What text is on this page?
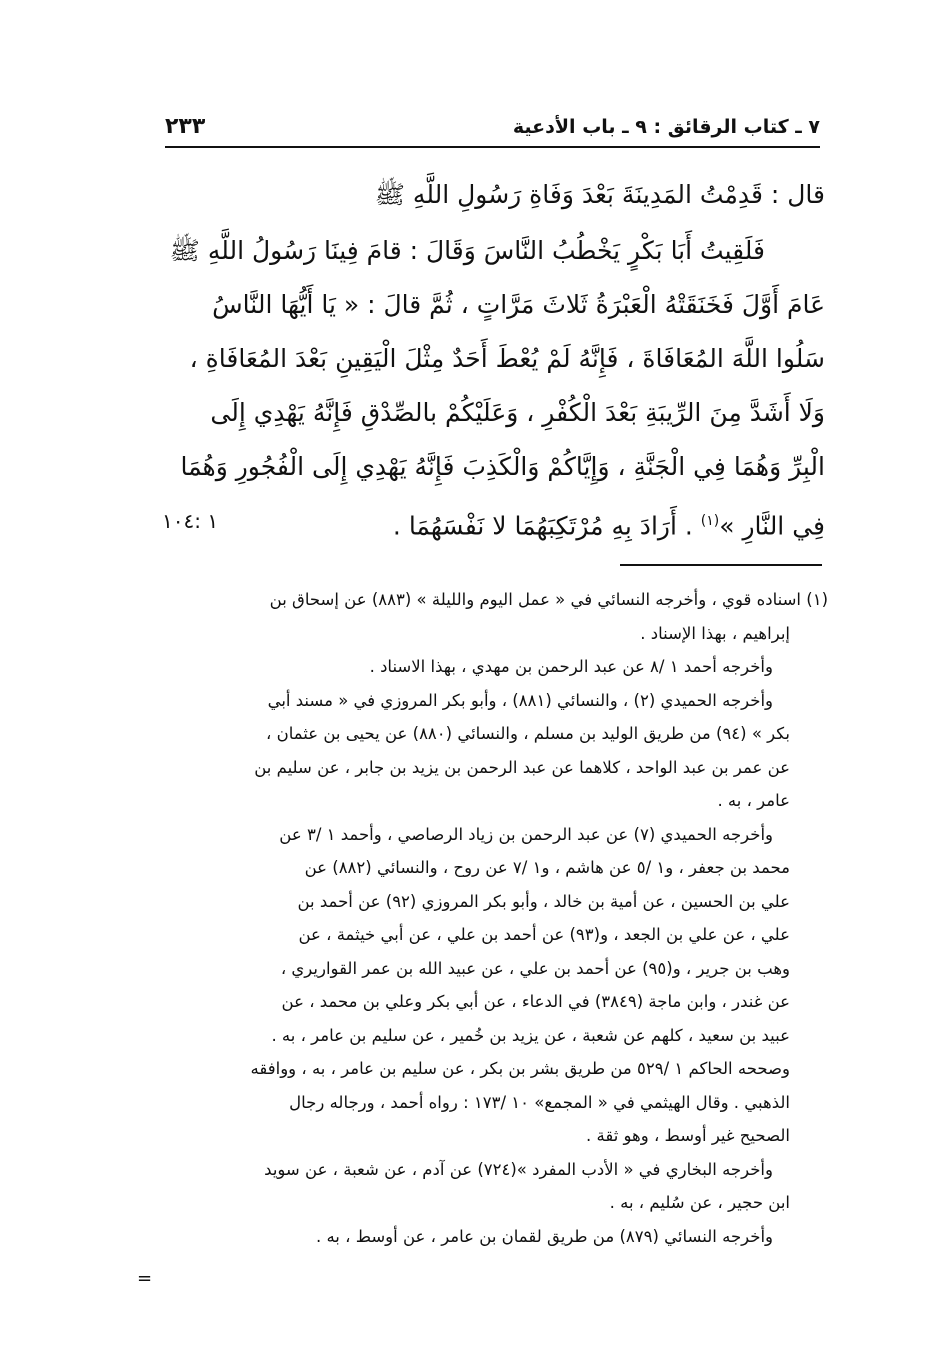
٧ ـ كتاب الرقائق : ٩ ـ باب الأدعية
٢٣٣
قال : قَدِمْتُ المَدِينَةَ بَعْدَ وَفَاةِ رَسُولِ اللَّهِ ﷺ
فَلَقِيتُ أَبَا بَكْرٍ يَخْطُبُ النَّاسَ وَقَالَ : قامَ فِينَا رَسُولُ اللَّهِ ﷺ
عَامَ أَوَّلَ فَخَنَقَتْهُ الْعَبْرَةُ ثَلاثَ مَرَّاتٍ ، ثُمَّ قالَ : « يَا أَيُّهَا النَّاسُ
سَلُوا اللَّهَ المُعَافَاةَ ، فَإِنَّهُ لَمْ يُعْطَ أَحَدٌ مِثْلَ الْيَقِينِ بَعْدَ المُعَافَاةِ ،
وَلَا أَشَدَّ مِنَ الرِّيبَةِ بَعْدَ الْكُفْرِ ، وَعَلَيْكُمْ بالصِّدْقِ فَإِنَّهُ يَهْدِي إِلَى
الْبِرِّ وَهُمَا فِي الْجَنَّةِ ، وَإِيَّاكُمْ وَالْكَذِبَ فَإِنَّهُ يَهْدِي إِلَى الْفُجُورِ وَهُمَا
فِي النَّارِ »$^{(١)}$ . أَرَادَ بِهِ مُرْتَكِبَهُمَا لا نَفْسَهُمَا .
١ :١٠٤
(١) اسناده قوي ، وأخرجه النسائي في « عمل اليوم والليلة » (٨٨٣) عن إسحاق بن
إبراهيم ، بهذا الإسناد .
وأخرجه أحمد ١ /٨ عن عبد الرحمن بن مهدي ، بهذا الاسناد .
وأخرجه الحميدي (٢) ، والنسائي (٨٨١) ، وأبو بكر المروزي في « مسند أبي
بكر » (٩٤) من طريق الوليد بن مسلم ، والنسائي (٨٨٠) عن يحيى بن عثمان ،
عن عمر بن عبد الواحد ، كلاهما عن عبد الرحمن بن يزيد بن جابر ، عن سليم بن
عامر ، به .
وأخرجه الحميدي (٧) عن عبد الرحمن بن زياد الرصاصي ، وأحمد ١ /٣ عن
محمد بن جعفر ، و١ /٥ عن هاشم ، و١ /٧ عن روح ، والنسائي (٨٨٢) عن
علي بن الحسين ، عن أمية بن خالد ، وأبو بكر المروزي (٩٢) عن أحمد بن
علي ، عن علي بن الجعد ، و(٩٣) عن أحمد بن علي ، عن أبي خيثمة ، عن
وهب بن جرير ، و(٩٥) عن أحمد بن علي ، عن عبيد الله بن عمر القواريري ،
عن غندر ، وابن ماجة (٣٨٤٩) في الدعاء ، عن أبي بكر وعلي بن محمد ، عن
عبيد بن سعيد ، كلهم عن شعبة ، عن يزيد بن خُمير ، عن سليم بن عامر ، به .
وصححه الحاكم ١ /٥٢٩ من طريق بشر بن بكر ، عن سليم بن عامر ، به ، ووافقه
الذهبي . وقال الهيثمي في « المجمع» ١٠ /١٧٣ : رواه أحمد ، ورجاله رجال
الصحيح غير أوسط ، وهو ثقة .
وأخرجه البخاري في « الأدب المفرد »(٧٢٤) عن آدم ، عن شعبة ، عن سويد
ابن حجير ، عن سُليم ، به .
وأخرجه النسائي (٨٧٩) من طريق لقمان بن عامر ، عن أوسط ، به .
=
